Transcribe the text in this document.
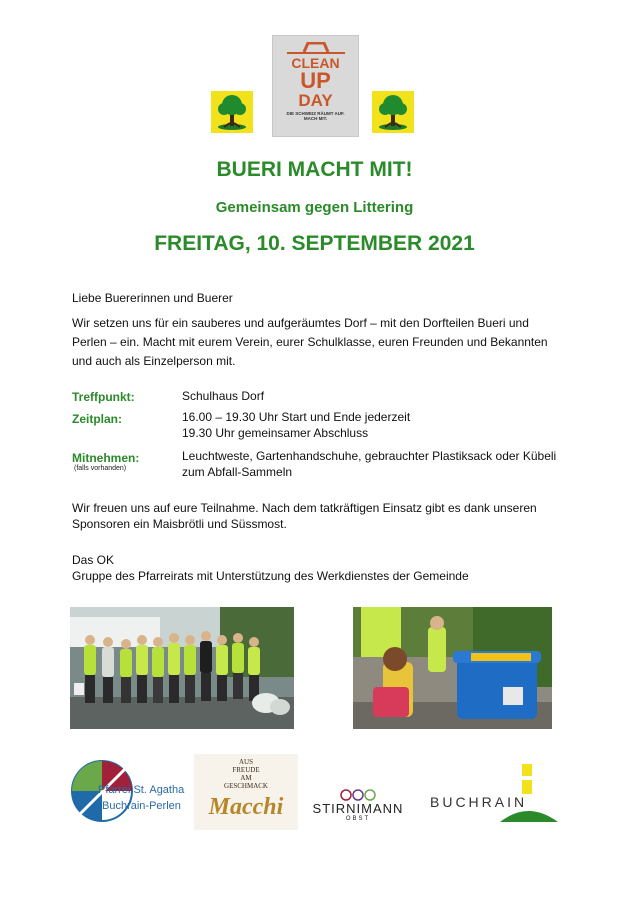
CLEAN
UP
DAY
DIE SCHWEIZ RÄUMT AUF. MACH MIT.
BUERI MACHT MIT!
Gemeinsam gegen Littering
FREITAG, 10. SEPTEMBER 2021
Liebe Buererinnen und Buerer
Wir setzen uns für ein sauberes und aufgeräumtes Dorf – mit den Dorfteilen Bueri und Perlen – ein. Macht mit eurem Verein, eurer Schulklasse, euren Freunden und Bekannten und auch als Einzelperson mit.
Treffpunkt:	Schulhaus Dorf
Zeitplan:	16.00 – 19.30 Uhr Start und Ende jederzeit
19.30 Uhr gemeinsamer Abschluss
Mitnehmen:
(falls vorhanden)
Leuchtweste, Gartenhandschuhe, gebrauchter Plastiksack oder Kübeli zum Abfall-Sammeln
Wir freuen uns auf eure Teilnahme. Nach dem tatkräftigen Einsatz gibt es dank unseren Sponsoren ein Maisbrötli und Süssmost.
Das OK
Gruppe des Pfarreirats mit Unterstützung des Werkdienstes der Gemeinde
Pfarrei St. Agatha
Buchrain-Perlen
AUS
FREUDE
AM
GESCHMACK
Macchi	STIRNIMANN
OBST
BUCHRAIN
